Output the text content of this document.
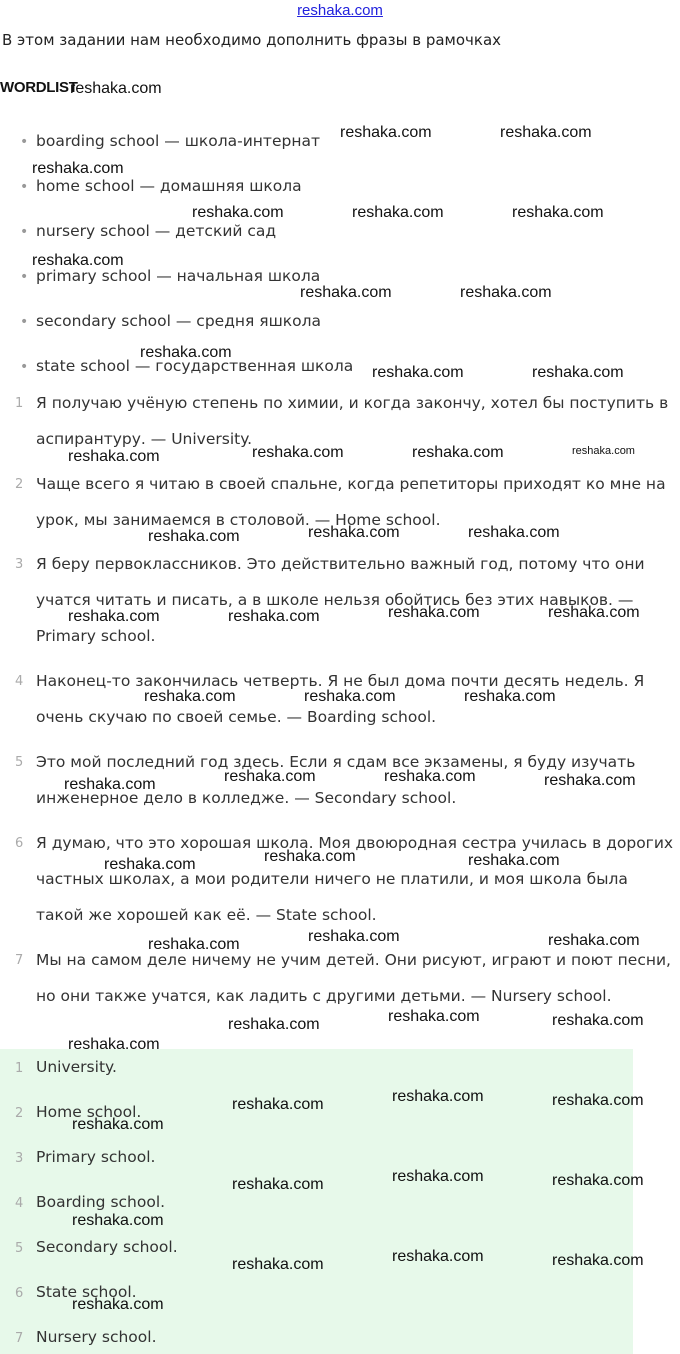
reshaka.com
В этом задании нам необходимо дополнить фразы в рамочках
WORDLIST
• boarding school — школа-интернат
• home school — домашняя школа
• nursery school — детский сад
• primary school — начальная школа
• secondary school — средня яшкола
• state school — государственная школа
1 Я получаю учёную степень по химии, и когда закончу, хотел бы поступить в аспирантуру. — University.
2 Чаще всего я читаю в своей спальне, когда репетиторы приходят ко мне на урок, мы занимаемся в столовой. — Home school.
3 Я беру первоклассников. Это действительно важный год, потому что они учатся читать и писать, а в школе нельзя обойтись без этих навыков. — Primary school.
4 Наконец-то закончилась четверть. Я не был дома почти десять недель. Я очень скучаю по своей семье. — Boarding school.
5 Это мой последний год здесь. Если я сдам все экзамены, я буду изучать инженерное дело в колледже. — Secondary school.
6 Я думаю, что это хорошая школа. Моя двоюродная сестра училась в дорогих частных школах, а мои родители ничего не платили, и моя школа была такой же хорошей как её. — State school.
7 Мы на самом деле ничему не учим детей. Они рисуют, играют и поют песни, но они также учатся, как ладить с другими детьми. — Nursery school.
1 University.
2 Home school.
3 Primary school.
4 Boarding school.
5 Secondary school.
6 State school.
7 Nursery school.
reshaka.com
reshaka.com	reshaka.com
reshaka.com
reshaka.com	reshaka.com	reshaka.com
reshaka.com
reshaka.com	reshaka.com
reshaka.com
reshaka.com	reshaka.com
reshaka.com	reshaka.com	reshaka.com
reshaka.com	reshaka.com	reshaka.com
reshaka.com	reshaka.com	reshaka.com	reshaka.com
reshaka.com	reshaka.com	reshaka.com
reshaka.com	reshaka.com	reshaka.com	reshaka.com
reshaka.com	reshaka.com	reshaka.com
reshaka.com	reshaka.com	reshaka.com
reshaka.com	reshaka.com	reshaka.com
reshaka.com
reshaka.com	reshaka.com	reshaka.com
reshaka.com
reshaka.com	reshaka.com	reshaka.com
reshaka.com
reshaka.com	reshaka.com	reshaka.com
reshaka.com
reshaka.com
